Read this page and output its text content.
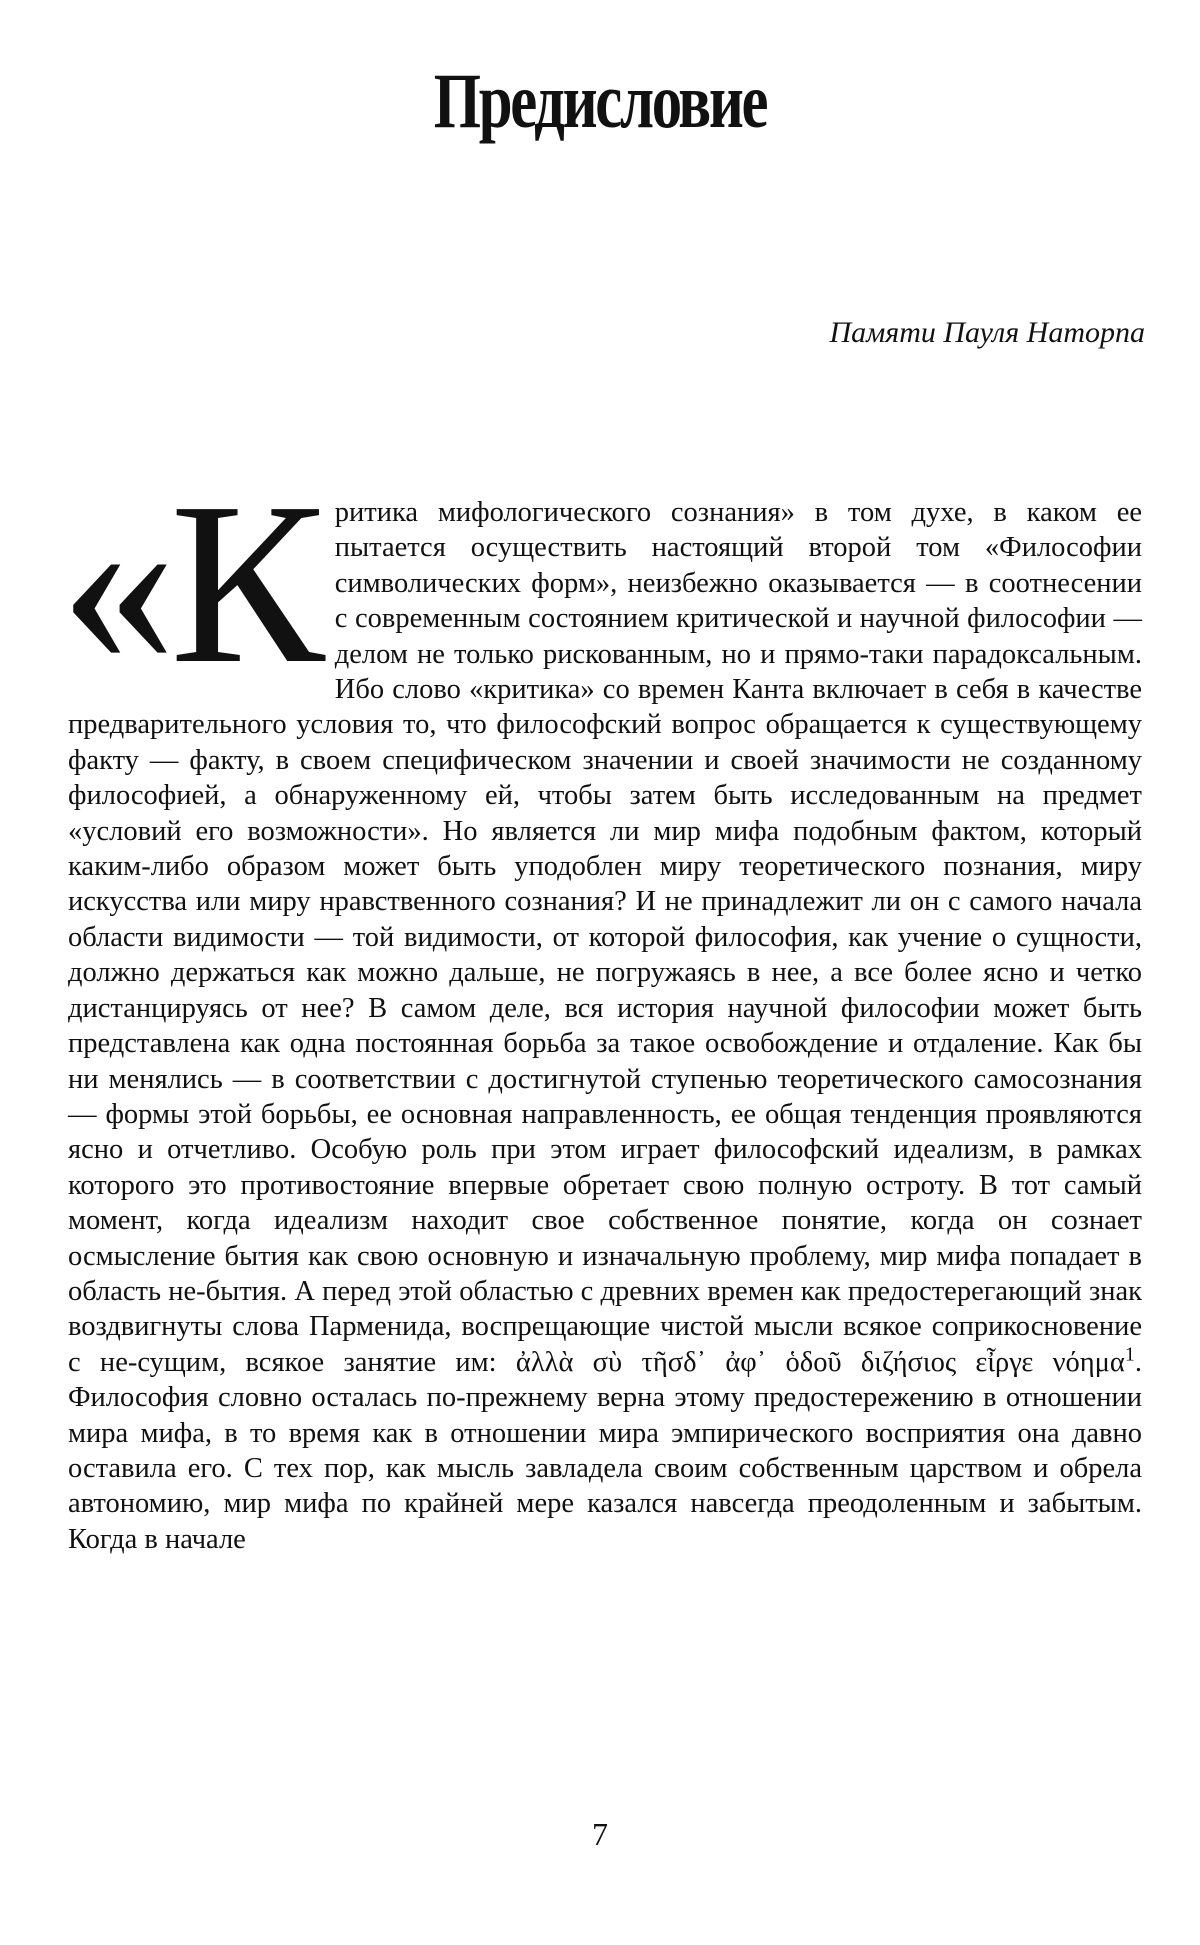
Предисловие

Памяти Пауля Наторпа

«Критика мифологического сознания» в том духе, в каком ее пытается осуществить настоящий второй том «Философии символических форм», неизбежно оказывается — в соотнесении с современным состоянием критической и научной философии — делом не только рискованным, но и прямо-таки парадоксальным. Ибо слово «критика» со времен Канта включает в себя в качестве предварительного условия то, что философский вопрос обращается к существующему факту — факту, в своем специфическом значении и своей значимости не созданному философией, а обнаруженному ей, чтобы затем быть исследованным на предмет «условий его возможности». Но является ли мир мифа подобным фактом, который каким-либо образом может быть уподоблен миру теоретического познания, миру искусства или миру нравственного сознания? И не принадлежит ли он с самого начала области видимости — той видимости, от которой философия, как учение о сущности, должно держаться как можно дальше, не погружаясь в нее, а все более ясно и четко дистанцируясь от нее? В самом деле, вся история научной философии может быть представлена как одна постоянная борьба за такое освобождение и отдаление. Как бы ни менялись — в соответствии с достигнутой ступенью теоретического самосознания — формы этой борьбы, ее основная направленность, ее общая тенденция проявляются ясно и отчетливо. Особую роль при этом играет философский идеализм, в рамках которого это противостояние впервые обретает свою полную остроту. В тот самый момент, когда идеализм находит свое собственное понятие, когда он сознает осмысление бытия как свою основную и изначальную проблему, мир мифа попадает в область не-бытия. А перед этой областью с древних времен как предостерегающий знак воздвигнуты слова Парменида, воспрещающие чистой мысли всякое соприкосновение с не-сущим, всякое занятие им: ἀλλὰ σὺ τῆσδ᾽ ἀφ᾽ ὁδοῦ διζήσιος εἶργε νόημα$^1$. Философия словно осталась по-прежнему верна этому предостережению в отношении мира мифа, в то время как в отношении мира эмпирического восприятия она давно оставила его. С тех пор, как мысль завладела своим собственным царством и обрела автономию, мир мифа по крайней мере казался навсегда преодоленным и забытым. Когда в начале

7
